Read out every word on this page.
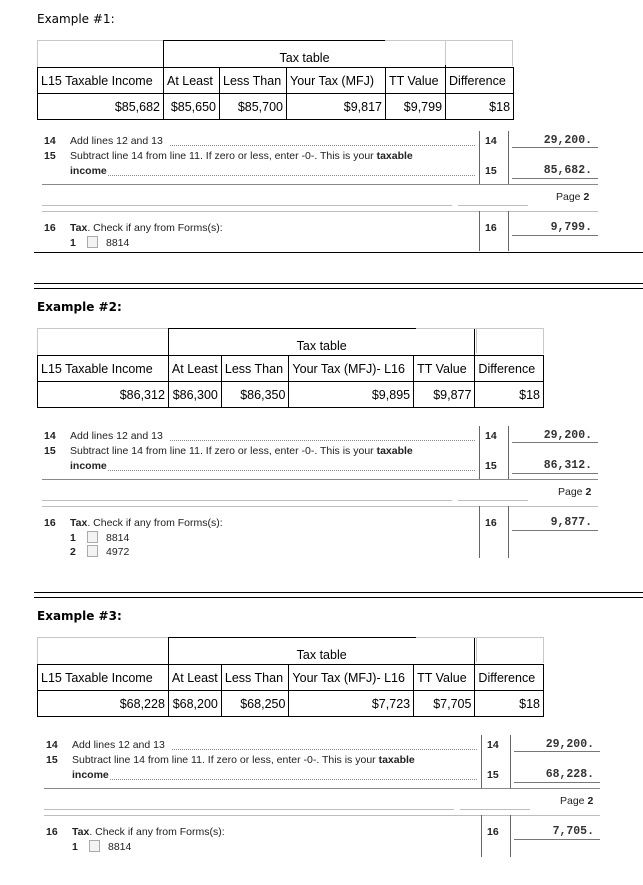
Example #1:
	Tax table			
L15 Taxable Income	At Least	Less Than	Your Tax (MFJ)	TT Value	Difference
$85,682	$85,650	$85,700	$9,817	$9,799	$18
14 Add lines 12 and 13	14	29,200.
15 Subtract line 14 from line 11. If zero or less, enter -0-. This is your taxable
income	15	85,682.
Page 2
16 Tax. Check if any from Forms(s):	16	9,799.
1	8814
Example #2:
	Tax table				
L15 Taxable Income	At Least	Less Than	Your Tax (MFJ)- L16	TT Value	Difference
$86,312	$86,300	$86,350	$9,895	$9,877	$18
14 Add lines 12 and 13	14	29,200.
15 Subtract line 14 from line 11. If zero or less, enter -0-. This is your taxable
income	15	86,312.
Page 2
16 Tax. Check if any from Forms(s):	16	9,877.
1	8814
2	4972
Example #3:
	Tax table				
L15 Taxable Income	At Least	Less Than	Your Tax (MFJ)- L16	TT Value	Difference
$68,228	$68,200	$68,250	$7,723	$7,705	$18
14 Add lines 12 and 13	14	29,200.
15 Subtract line 14 from line 11. If zero or less, enter -0-. This is your taxable
income	15	68,228.
Page 2
16 Tax. Check if any from Forms(s):	16	7,705.
1	8814
